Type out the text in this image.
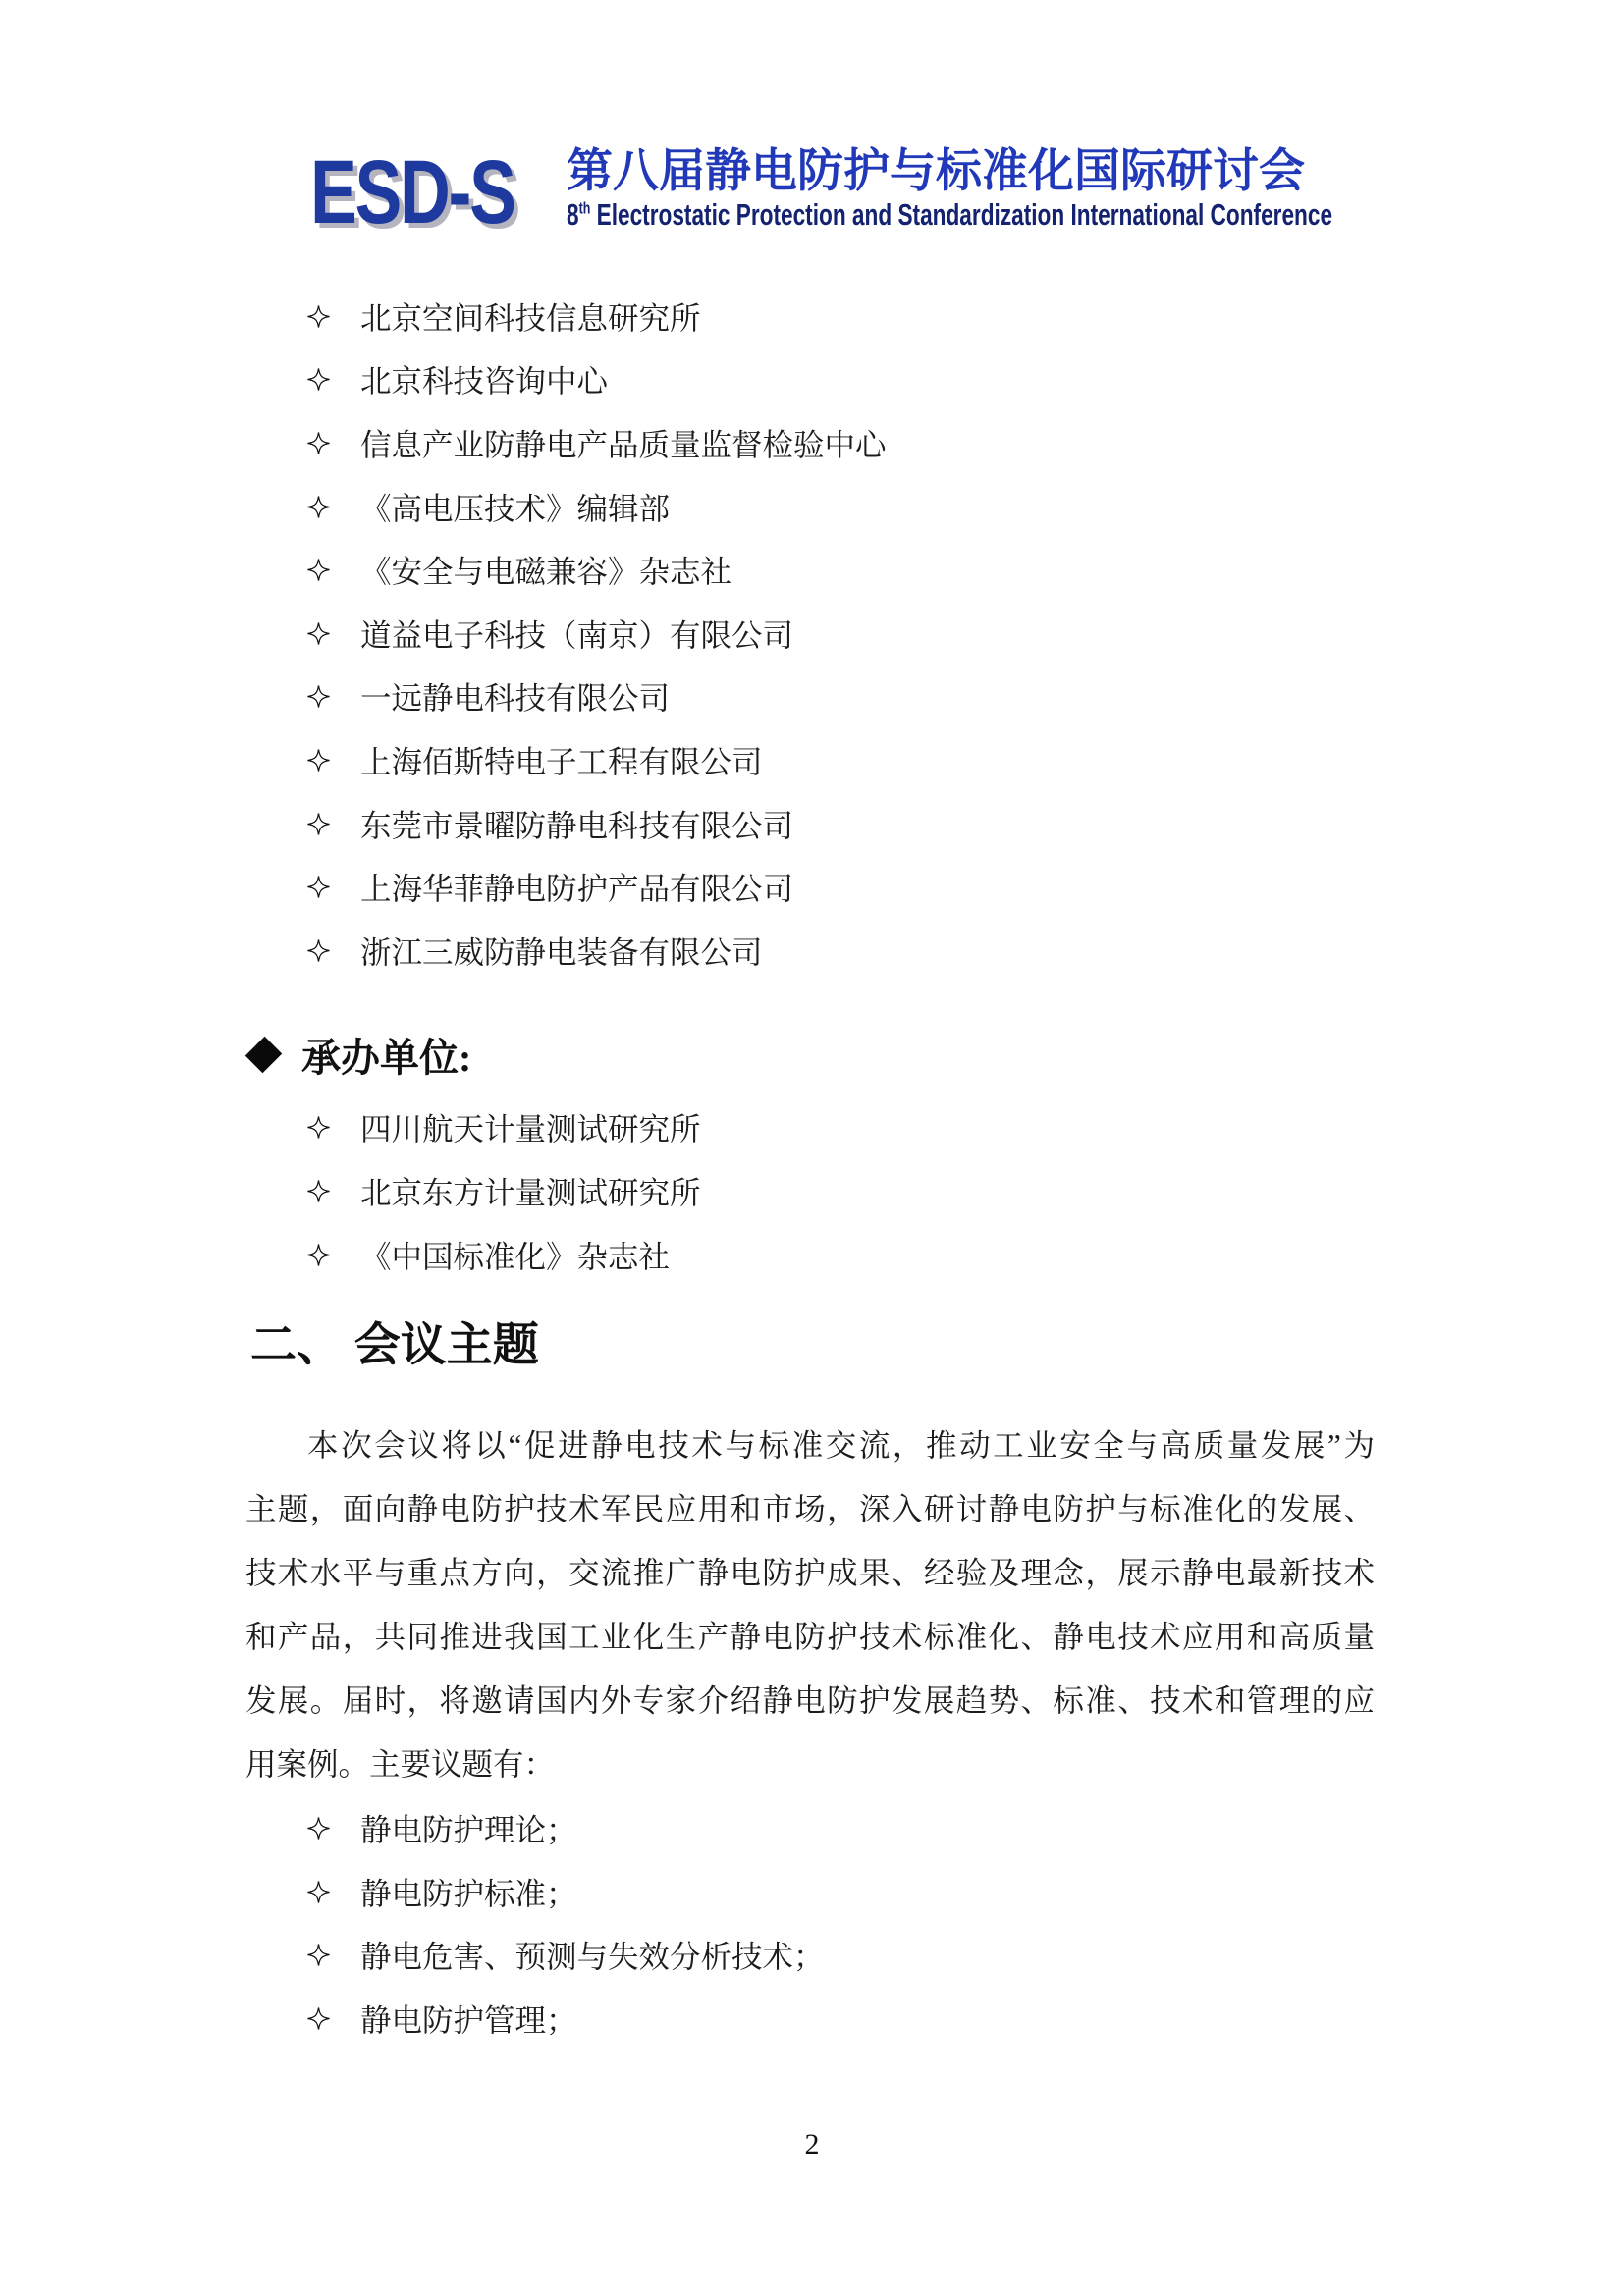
ESD-S 第八届静电防护与标准化国际研讨会
8th Electrostatic Protection and Standardization International Conference
北京空间科技信息研究所
北京科技咨询中心
信息产业防静电产品质量监督检验中心
《高电压技术》编辑部
《安全与电磁兼容》杂志社
道益电子科技（南京）有限公司
一远静电科技有限公司
上海佰斯特电子工程有限公司
东莞市景曜防静电科技有限公司
上海华菲静电防护产品有限公司
浙江三威防静电装备有限公司
承办单位:
四川航天计量测试研究所
北京东方计量测试研究所
《中国标准化》杂志社
二、 会议主题
本次会议将以“促进静电技术与标准交流，推动工业安全与高质量发展”为
主题，面向静电防护技术军民应用和市场，深入研讨静电防护与标准化的发展、
技术水平与重点方向，交流推广静电防护成果、经验及理念，展示静电最新技术
和产品，共同推进我国工业化生产静电防护技术标准化、静电技术应用和高质量
发展。届时，将邀请国内外专家介绍静电防护发展趋势、标准、技术和管理的应
用案例。主要议题有：
静电防护理论；
静电防护标准；
静电危害、预测与失效分析技术；
静电防护管理；
2
